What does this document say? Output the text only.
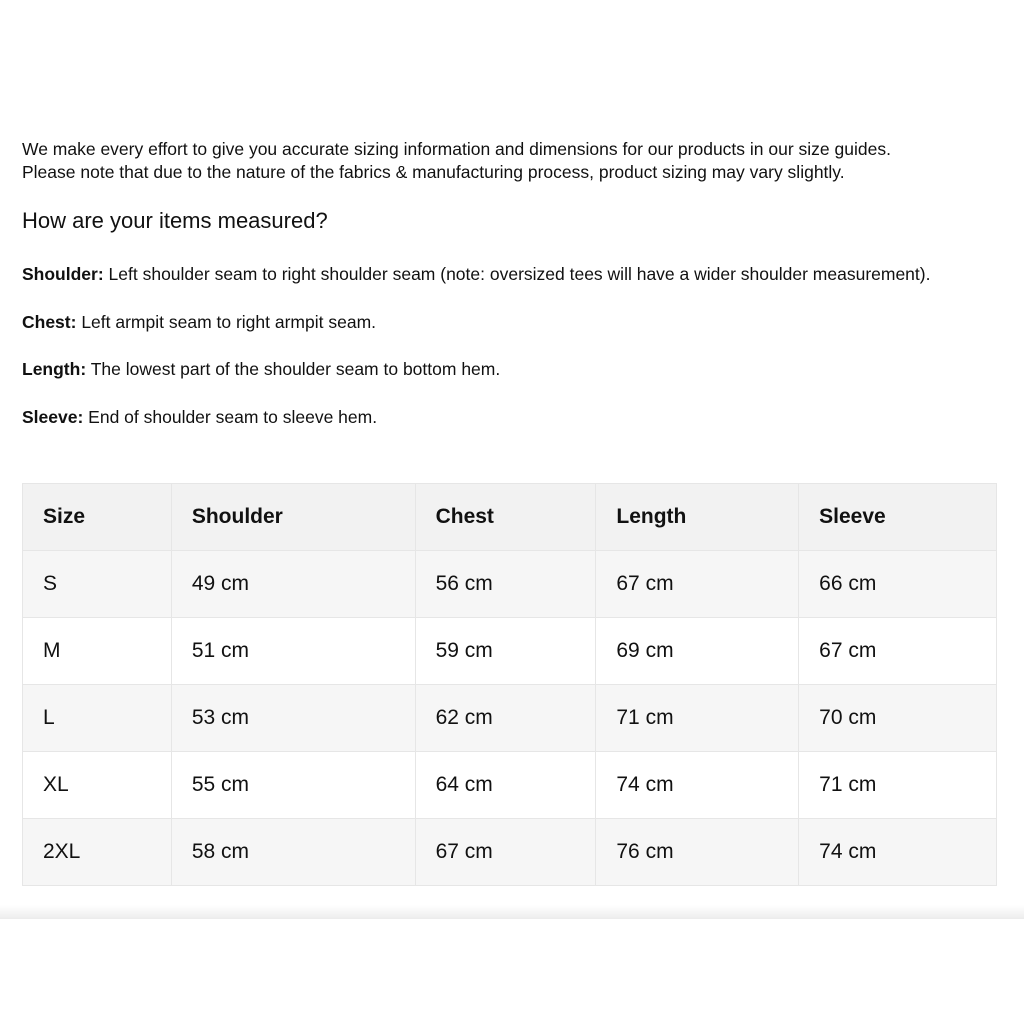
We make every effort to give you accurate sizing information and dimensions for our products in our size guides.
Please note that due to the nature of the fabrics & manufacturing process, product sizing may vary slightly.
How are your items measured?

Shoulder: Left shoulder seam to right shoulder seam (note: oversized tees will have a wider shoulder measurement).

Chest: Left armpit seam to right armpit seam.

Length: The lowest part of the shoulder seam to bottom hem.

Sleeve: End of shoulder seam to sleeve hem.

Size	Shoulder	Chest	Length	Sleeve
S	49 cm	56 cm	67 cm	66 cm
M	51 cm	59 cm	69 cm	67 cm
L	53 cm	62 cm	71 cm	70 cm
XL	55 cm	64 cm	74 cm	71 cm
2XL	58 cm	67 cm	76 cm	74 cm
